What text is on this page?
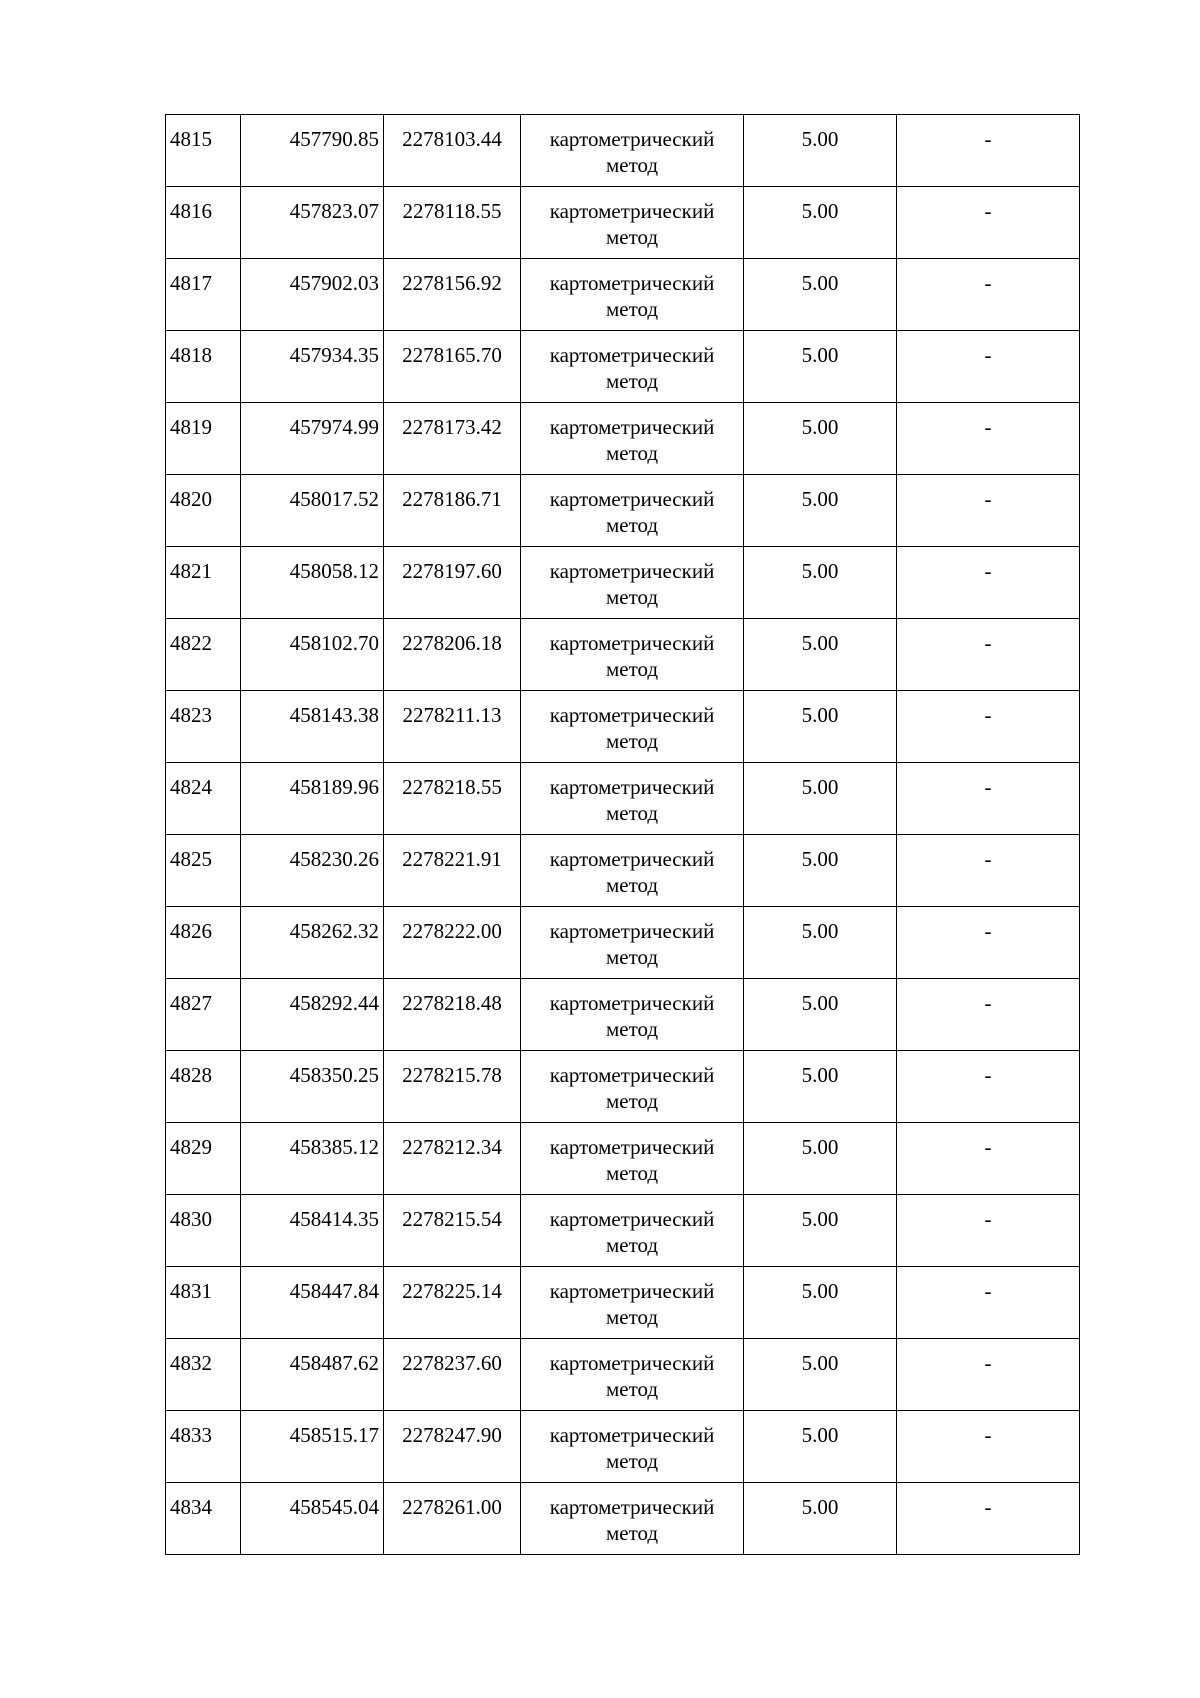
4815	457790.85	2278103.44	картометрический метод	5.00	-
4816	457823.07	2278118.55	картометрический метод	5.00	-
4817	457902.03	2278156.92	картометрический метод	5.00	-
4818	457934.35	2278165.70	картометрический метод	5.00	-
4819	457974.99	2278173.42	картометрический метод	5.00	-
4820	458017.52	2278186.71	картометрический метод	5.00	-
4821	458058.12	2278197.60	картометрический метод	5.00	-
4822	458102.70	2278206.18	картометрический метод	5.00	-
4823	458143.38	2278211.13	картометрический метод	5.00	-
4824	458189.96	2278218.55	картометрический метод	5.00	-
4825	458230.26	2278221.91	картометрический метод	5.00	-
4826	458262.32	2278222.00	картометрический метод	5.00	-
4827	458292.44	2278218.48	картометрический метод	5.00	-
4828	458350.25	2278215.78	картометрический метод	5.00	-
4829	458385.12	2278212.34	картометрический метод	5.00	-
4830	458414.35	2278215.54	картометрический метод	5.00	-
4831	458447.84	2278225.14	картометрический метод	5.00	-
4832	458487.62	2278237.60	картометрический метод	5.00	-
4833	458515.17	2278247.90	картометрический метод	5.00	-
4834	458545.04	2278261.00	картометрический метод	5.00	-
